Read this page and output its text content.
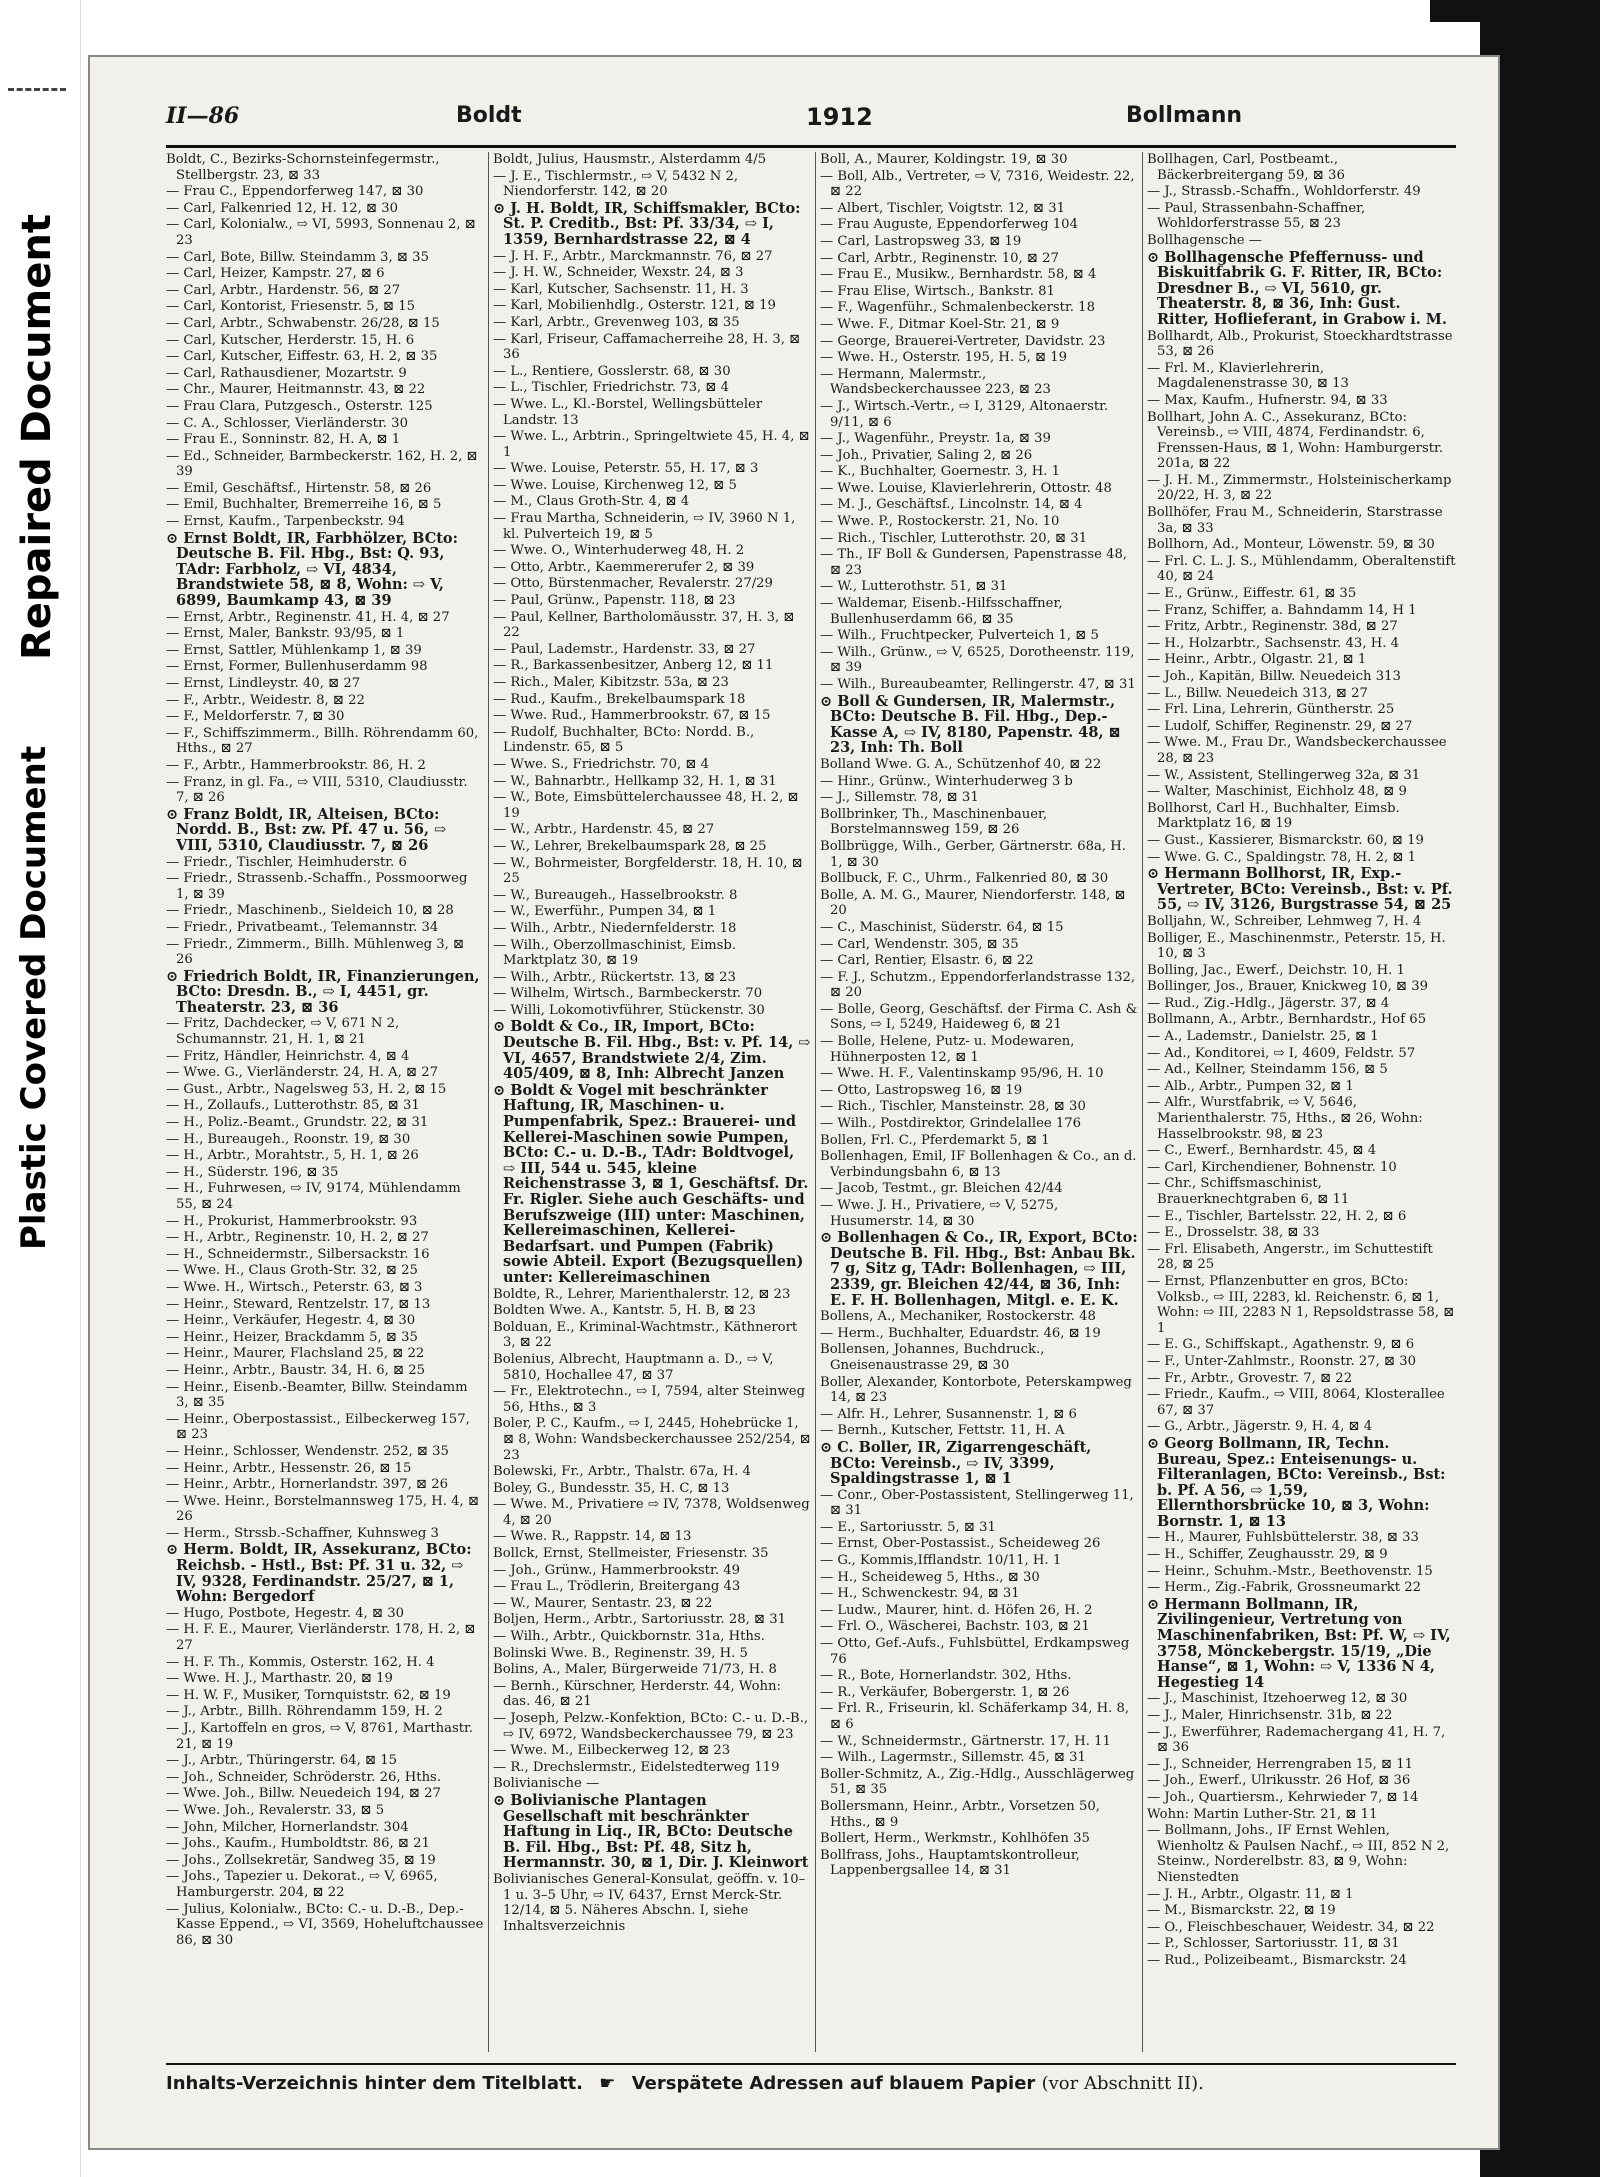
Repaired Document
Plastic Covered Document
II—86	Boldt	1912	Bollmann
Boldt, C., Bezirks-Schornsteinfegermstr., Stellbergstr. 23, ⊠ 33
— Frau C., Eppendorferweg 147, ⊠ 30
— Carl, Falkenried 12, H. 12, ⊠ 30
— Carl, Kolonialw., ⇨ VI, 5993, Sonnenau 2, ⊠ 23
— Carl, Bote, Billw. Steindamm 3, ⊠ 35
— Carl, Heizer, Kampstr. 27, ⊠ 6
— Carl, Arbtr., Hardenstr. 56, ⊠ 27
— Carl, Kontorist, Friesenstr. 5, ⊠ 15
— Carl, Arbtr., Schwabenstr. 26/28, ⊠ 15
— Carl, Kutscher, Herderstr. 15, H. 6
— Carl, Kutscher, Eiffestr. 63, H. 2, ⊠ 35
— Carl, Rathausdiener, Mozartstr. 9
— Chr., Maurer, Heitmannstr. 43, ⊠ 22
— Frau Clara, Putzgesch., Osterstr. 125
— C. A., Schlosser, Vierländerstr. 30
— Frau E., Sonninstr. 82, H. A, ⊠ 1
— Ed., Schneider, Barmbeckerstr. 162, H. 2, ⊠ 39
— Emil, Geschäftsf., Hirtenstr. 58, ⊠ 26
— Emil, Buchhalter, Bremerreihe 16, ⊠ 5
— Ernst, Kaufm., Tarpenbeckstr. 94
⊙ Ernst Boldt, IR, Farbhölzer, BCto: Deutsche B. Fil. Hbg., Bst: Q. 93, TAdr: Farbholz, ⇨ VI, 4834, Brandstwiete 58, ⊠ 8, Wohn: ⇨ V, 6899, Baumkamp 43, ⊠ 39
— Ernst, Arbtr., Reginenstr. 41, H. 4, ⊠ 27
— Ernst, Maler, Bankstr. 93/95, ⊠ 1
— Ernst, Sattler, Mühlenkamp 1, ⊠ 39
— Ernst, Former, Bullenhuserdamm 98
— Ernst, Lindleystr. 40, ⊠ 27
— F., Arbtr., Weidestr. 8, ⊠ 22
— F., Meldorferstr. 7, ⊠ 30
— F., Schiffszimmerm., Billh. Röhrendamm 60, Hths., ⊠ 27
— F., Arbtr., Hammerbrookstr. 86, H. 2
— Franz, in gl. Fa., ⇨ VIII, 5310, Claudiusstr. 7, ⊠ 26
⊙ Franz Boldt, IR, Alteisen, BCto: Nordd. B., Bst: zw. Pf. 47 u. 56, ⇨ VIII, 5310, Claudiusstr. 7, ⊠ 26
— Friedr., Tischler, Heimhuderstr. 6
— Friedr., Strassenb.-Schaffn., Possmoorweg 1, ⊠ 39
— Friedr., Maschinenb., Sieldeich 10, ⊠ 28
— Friedr., Privatbeamt., Telemannstr. 34
— Friedr., Zimmerm., Billh. Mühlenweg 3, ⊠ 26
⊙ Friedrich Boldt, IR, Finanzierungen, BCto: Dresdn. B., ⇨ I, 4451, gr. Theaterstr. 23, ⊠ 36
— Fritz, Dachdecker, ⇨ V, 671 N 2, Schumannstr. 21, H. 1, ⊠ 21
— Fritz, Händler, Heinrichstr. 4, ⊠ 4
— Wwe. G., Vierländerstr. 24, H. A, ⊠ 27
— Gust., Arbtr., Nagelsweg 53, H. 2, ⊠ 15
— H., Zollaufs., Lutterothstr. 85, ⊠ 31
— H., Poliz.-Beamt., Grundstr. 22, ⊠ 31
— H., Bureaugeh., Roonstr. 19, ⊠ 30
— H., Arbtr., Morahtstr., 5, H. 1, ⊠ 26
— H., Süderstr. 196, ⊠ 35
— H., Fuhrwesen, ⇨ IV, 9174, Mühlendamm 55, ⊠ 24
— H., Prokurist, Hammerbrookstr. 93
— H., Arbtr., Reginenstr. 10, H. 2, ⊠ 27
— H., Schneidermstr., Silbersackstr. 16
— Wwe. H., Claus Groth-Str. 32, ⊠ 25
— Wwe. H., Wirtsch., Peterstr. 63, ⊠ 3
— Heinr., Steward, Rentzelstr. 17, ⊠ 13
— Heinr., Verkäufer, Hegestr. 4, ⊠ 30
— Heinr., Heizer, Brackdamm 5, ⊠ 35
— Heinr., Maurer, Flachsland 25, ⊠ 22
— Heinr., Arbtr., Baustr. 34, H. 6, ⊠ 25
— Heinr., Eisenb.-Beamter, Billw. Steindamm 3, ⊠ 35
— Heinr., Oberpostassist., Eilbeckerweg 157, ⊠ 23
— Heinr., Schlosser, Wendenstr. 252, ⊠ 35
— Heinr., Arbtr., Hessenstr. 26, ⊠ 15
— Heinr., Arbtr., Hornerlandstr. 397, ⊠ 26
— Wwe. Heinr., Borstelmannsweg 175, H. 4, ⊠ 26
— Herm., Strssb.-Schaffner, Kuhnsweg 3
⊙ Herm. Boldt, IR, Assekuranz, BCto: Reichsb. - Hstl., Bst: Pf. 31 u. 32, ⇨ IV, 9328, Ferdinandstr. 25/27, ⊠ 1, Wohn: Bergedorf
— Hugo, Postbote, Hegestr. 4, ⊠ 30
— H. F. E., Maurer, Vierländerstr. 178, H. 2, ⊠ 27
— H. F. Th., Kommis, Osterstr. 162, H. 4
— Wwe. H. J., Marthastr. 20, ⊠ 19
— H. W. F., Musiker, Tornquiststr. 62, ⊠ 19
— J., Arbtr., Billh. Röhrendamm 159, H. 2
— J., Kartoffeln en gros, ⇨ V, 8761, Marthastr. 21, ⊠ 19
— J., Arbtr., Thüringerstr. 64, ⊠ 15
— Joh., Schneider, Schröderstr. 26, Hths.
— Wwe. Joh., Billw. Neuedeich 194, ⊠ 27
— Wwe. Joh., Revalerstr. 33, ⊠ 5
— John, Milcher, Hornerlandstr. 304
— Johs., Kaufm., Humboldtstr. 86, ⊠ 21
— Johs., Zollsekretär, Sandweg 35, ⊠ 19
— Johs., Tapezier u. Dekorat., ⇨ V, 6965, Hamburgerstr. 204, ⊠ 22
— Julius, Kolonialw., BCto: C.- u. D.-B., Dep.-Kasse Eppend., ⇨ VI, 3569, Hoheluftchaussee 86, ⊠ 30
Boldt, Julius, Hausmstr., Alsterdamm 4/5
— J. E., Tischlermstr., ⇨ V, 5432 N 2, Niendorferstr. 142, ⊠ 20
⊙ J. H. Boldt, IR, Schiffsmakler, BCto: St. P. Creditb., Bst: Pf. 33/34, ⇨ I, 1359, Bernhardstrasse 22, ⊠ 4
— J. H. F., Arbtr., Marckmannstr. 76, ⊠ 27
— J. H. W., Schneider, Wexstr. 24, ⊠ 3
— Karl, Kutscher, Sachsenstr. 11, H. 3
— Karl, Mobilienhdlg., Osterstr. 121, ⊠ 19
— Karl, Arbtr., Grevenweg 103, ⊠ 35
— Karl, Friseur, Caffamacherreihe 28, H. 3, ⊠ 36
— L., Rentiere, Gosslerstr. 68, ⊠ 30
— L., Tischler, Friedrichstr. 73, ⊠ 4
— Wwe. L., Kl.-Borstel, Wellingsbütteler Landstr. 13
— Wwe. L., Arbtrin., Springeltwiete 45, H. 4, ⊠ 1
— Wwe. Louise, Peterstr. 55, H. 17, ⊠ 3
— Wwe. Louise, Kirchenweg 12, ⊠ 5
— M., Claus Groth-Str. 4, ⊠ 4
— Frau Martha, Schneiderin, ⇨ IV, 3960 N 1, kl. Pulverteich 19, ⊠ 5
— Wwe. O., Winterhuderweg 48, H. 2
— Otto, Arbtr., Kaemmererufer 2, ⊠ 39
— Otto, Bürstenmacher, Revalerstr. 27/29
— Paul, Grünw., Papenstr. 118, ⊠ 23
— Paul, Kellner, Bartholomäusstr. 37, H. 3, ⊠ 22
— Paul, Lademstr., Hardenstr. 33, ⊠ 27
— R., Barkassenbesitzer, Anberg 12, ⊠ 11
— Rich., Maler, Kibitzstr. 53a, ⊠ 23
— Rud., Kaufm., Brekelbaumspark 18
— Wwe. Rud., Hammerbrookstr. 67, ⊠ 15
— Rudolf, Buchhalter, BCto: Nordd. B., Lindenstr. 65, ⊠ 5
— Wwe. S., Friedrichstr. 70, ⊠ 4
— W., Bahnarbtr., Hellkamp 32, H. 1, ⊠ 31
— W., Bote, Eimsbüttelerchaussee 48, H. 2, ⊠ 19
— W., Arbtr., Hardenstr. 45, ⊠ 27
— W., Lehrer, Brekelbaumspark 28, ⊠ 25
— W., Bohrmeister, Borgfelderstr. 18, H. 10, ⊠ 25
— W., Bureaugeh., Hasselbrookstr. 8
— W., Ewerführ., Pumpen 34, ⊠ 1
— Wilh., Arbtr., Niedernfelderstr. 18
— Wilh., Oberzollmaschinist, Eimsb. Marktplatz 30, ⊠ 19
— Wilh., Arbtr., Rückertstr. 13, ⊠ 23
— Wilhelm, Wirtsch., Barmbeckerstr. 70
— Willi, Lokomotivführer, Stückenstr. 30
⊙ Boldt & Co., IR, Import, BCto: Deutsche B. Fil. Hbg., Bst: v. Pf. 14, ⇨ VI, 4657, Brandstwiete 2/4, Zim. 405/409, ⊠ 8, Inh: Albrecht Janzen
⊙ Boldt & Vogel mit beschränkter Haftung, IR, Maschinen- u. Pumpenfabrik, Spez.: Brauerei- und Kellerei-Maschinen sowie Pumpen, BCto: C.- u. D.-B., TAdr: Boldtvogel, ⇨ III, 544 u. 545, kleine Reichenstrasse 3, ⊠ 1, Geschäftsf. Dr. Fr. Rigler. Siehe auch Geschäfts- und Berufszweige (III) unter: Maschinen, Kellereimaschinen, Kellerei-Bedarfsart. und Pumpen (Fabrik) sowie Abteil. Export (Bezugsquellen) unter: Kellereimaschinen
Boldte, R., Lehrer, Marienthalerstr. 12, ⊠ 23
Boldten Wwe. A., Kantstr. 5, H. B, ⊠ 23
Bolduan, E., Kriminal-Wachtmstr., Käthnerort 3, ⊠ 22
Bolenius, Albrecht, Hauptmann a. D., ⇨ V, 5810, Hochallee 47, ⊠ 37
— Fr., Elektrotechn., ⇨ I, 7594, alter Steinweg 56, Hths., ⊠ 3
Boler, P. C., Kaufm., ⇨ I, 2445, Hohebrücke 1, ⊠ 8, Wohn: Wandsbeckerchaussee 252/254, ⊠ 23
Bolewski, Fr., Arbtr., Thalstr. 67a, H. 4
Boley, G., Bundesstr. 35, H. C, ⊠ 13
— Wwe. M., Privatiere ⇨ IV, 7378, Woldsenweg 4, ⊠ 20
— Wwe. R., Rappstr. 14, ⊠ 13
Bollck, Ernst, Stellmeister, Friesenstr. 35
— Joh., Grünw., Hammerbrookstr. 49
— Frau L., Trödlerin, Breitergang 43
— W., Maurer, Sentastr. 23, ⊠ 22
Boljen, Herm., Arbtr., Sartoriusstr. 28, ⊠ 31
— Wilh., Arbtr., Quickbornstr. 31a, Hths.
Bolinski Wwe. B., Reginenstr. 39, H. 5
Bolins, A., Maler, Bürgerweide 71/73, H. 8
— Bernh., Kürschner, Herderstr. 44, Wohn: das. 46, ⊠ 21
— Joseph, Pelzw.-Konfektion, BCto: C.- u. D.-B., ⇨ IV, 6972, Wandsbeckerchaussee 79, ⊠ 23
— Wwe. M., Eilbeckerweg 12, ⊠ 23
— R., Drechslermstr., Eidelstedterweg 119
Bolivianische —
⊙ Bolivianische Plantagen Gesellschaft mit beschränkter Haftung in Liq., IR, BCto: Deutsche B. Fil. Hbg., Bst: Pf. 48, Sitz h, Hermannstr. 30, ⊠ 1, Dir. J. Kleinwort
Bolivianisches General-Konsulat, geöffn. v. 10–1 u. 3–5 Uhr, ⇨ IV, 6437, Ernst Merck-Str. 12/14, ⊠ 5. Näheres Abschn. I, siehe Inhaltsverzeichnis
Boll, A., Maurer, Koldingstr. 19, ⊠ 30
— Boll, Alb., Vertreter, ⇨ V, 7316, Weidestr. 22, ⊠ 22
— Albert, Tischler, Voigtstr. 12, ⊠ 31
— Frau Auguste, Eppendorferweg 104
— Carl, Lastropsweg 33, ⊠ 19
— Carl, Arbtr., Reginenstr. 10, ⊠ 27
— Frau E., Musikw., Bernhardstr. 58, ⊠ 4
— Frau Elise, Wirtsch., Bankstr. 81
— F., Wagenführ., Schmalenbeckerstr. 18
— Wwe. F., Ditmar Koel-Str. 21, ⊠ 9
— George, Brauerei-Vertreter, Davidstr. 23
— Wwe. H., Osterstr. 195, H. 5, ⊠ 19
— Hermann, Malermstr., Wandsbeckerchaussee 223, ⊠ 23
— J., Wirtsch.-Vertr., ⇨ I, 3129, Altonaerstr. 9/11, ⊠ 6
— J., Wagenführ., Preystr. 1a, ⊠ 39
— Joh., Privatier, Saling 2, ⊠ 26
— K., Buchhalter, Goernestr. 3, H. 1
— Wwe. Louise, Klavierlehrerin, Ottostr. 48
— M. J., Geschäftsf., Lincolnstr. 14, ⊠ 4
— Wwe. P., Rostockerstr. 21, No. 10
— Rich., Tischler, Lutterothstr. 20, ⊠ 31
— Th., IF Boll & Gundersen, Papenstrasse 48, ⊠ 23
— W., Lutterothstr. 51, ⊠ 31
— Waldemar, Eisenb.-Hilfsschaffner, Bullenhuserdamm 66, ⊠ 35
— Wilh., Fruchtpecker, Pulverteich 1, ⊠ 5
— Wilh., Grünw., ⇨ V, 6525, Dorotheenstr. 119, ⊠ 39
— Wilh., Bureaubeamter, Rellingerstr. 47, ⊠ 31
⊙ Boll & Gundersen, IR, Malermstr., BCto: Deutsche B. Fil. Hbg., Dep.-Kasse A, ⇨ IV, 8180, Papenstr. 48, ⊠ 23, Inh: Th. Boll
Bolland Wwe. G. A., Schützenhof 40, ⊠ 22
— Hinr., Grünw., Winterhuderweg 3 b
— J., Sillemstr. 78, ⊠ 31
Bollbrinker, Th., Maschinenbauer, Borstelmannsweg 159, ⊠ 26
Bollbrügge, Wilh., Gerber, Gärtnerstr. 68a, H. 1, ⊠ 30
Bollbuck, F. C., Uhrm., Falkenried 80, ⊠ 30
Bolle, A. M. G., Maurer, Niendorferstr. 148, ⊠ 20
— C., Maschinist, Süderstr. 64, ⊠ 15
— Carl, Wendenstr. 305, ⊠ 35
— Carl, Rentier, Elsastr. 6, ⊠ 22
— F. J., Schutzm., Eppendorferlandstrasse 132, ⊠ 20
— Bolle, Georg, Geschäftsf. der Firma C. Ash & Sons, ⇨ I, 5249, Haideweg 6, ⊠ 21
— Bolle, Helene, Putz- u. Modewaren, Hühnerposten 12, ⊠ 1
— Wwe. H. F., Valentinskamp 95/96, H. 10
— Otto, Lastropsweg 16, ⊠ 19
— Rich., Tischler, Mansteinstr. 28, ⊠ 30
— Wilh., Postdirektor, Grindelallee 176
Bollen, Frl. C., Pferdemarkt 5, ⊠ 1
Bollenhagen, Emil, IF Bollenhagen & Co., an d. Verbindungsbahn 6, ⊠ 13
— Jacob, Testmt., gr. Bleichen 42/44
— Wwe. J. H., Privatiere, ⇨ V, 5275, Husumerstr. 14, ⊠ 30
⊙ Bollenhagen & Co., IR, Export, BCto: Deutsche B. Fil. Hbg., Bst: Anbau Bk. 7 g, Sitz g, TAdr: Bollenhagen, ⇨ III, 2339, gr. Bleichen 42/44, ⊠ 36, Inh: E. F. H. Bollenhagen, Mitgl. e. E. K.
Bollens, A., Mechaniker, Rostockerstr. 48
— Herm., Buchhalter, Eduardstr. 46, ⊠ 19
Bollensen, Johannes, Buchdruck., Gneisenaustrasse 29, ⊠ 30
Boller, Alexander, Kontorbote, Peterskampweg 14, ⊠ 23
— Alfr. H., Lehrer, Susannenstr. 1, ⊠ 6
— Bernh., Kutscher, Fettstr. 11, H. A
⊙ C. Boller, IR, Zigarrengeschäft, BCto: Vereinsb., ⇨ IV, 3399, Spaldingstrasse 1, ⊠ 1
— Conr., Ober-Postassistent, Stellingerweg 11, ⊠ 31
— E., Sartoriusstr. 5, ⊠ 31
— Ernst, Ober-Postassist., Scheideweg 26
— G., Kommis,Ifflandstr. 10/11, H. 1
— H., Scheideweg 5, Hths., ⊠ 30
— H., Schwenckestr. 94, ⊠ 31
— Ludw., Maurer, hint. d. Höfen 26, H. 2
— Frl. O., Wäscherei, Bachstr. 103, ⊠ 21
— Otto, Gef.-Aufs., Fuhlsbüttel, Erdkampsweg 76
— R., Bote, Hornerlandstr. 302, Hths.
— R., Verkäufer, Bobergerstr. 1, ⊠ 26
— Frl. R., Friseurin, kl. Schäferkamp 34, H. 8, ⊠ 6
— W., Schneidermstr., Gärtnerstr. 17, H. 11
— Wilh., Lagermstr., Sillemstr. 45, ⊠ 31
Boller-Schmitz, A., Zig.-Hdlg., Ausschlägerweg 51, ⊠ 35
Bollersmann, Heinr., Arbtr., Vorsetzen 50, Hths., ⊠ 9
Bollert, Herm., Werkmstr., Kohlhöfen 35
Bollfrass, Johs., Hauptamtskontrolleur, Lappenbergsallee 14, ⊠ 31
Bollhagen, Carl, Postbeamt., Bäckerbreitergang 59, ⊠ 36
— J., Strassb.-Schaffn., Wohldorferstr. 49
— Paul, Strassenbahn-Schaffner, Wohldorferstrasse 55, ⊠ 23
Bollhagensche —
⊙ Bollhagensche Pfeffernuss- und Biskuitfabrik G. F. Ritter, IR, BCto: Dresdner B., ⇨ VI, 5610, gr. Theaterstr. 8, ⊠ 36, Inh: Gust. Ritter, Hoflieferant, in Grabow i. M.
Bollhardt, Alb., Prokurist, Stoeckhardtstrasse 53, ⊠ 26
— Frl. M., Klavierlehrerin, Magdalenenstrasse 30, ⊠ 13
— Max, Kaufm., Hufnerstr. 94, ⊠ 33
Bollhart, John A. C., Assekuranz, BCto: Vereinsb., ⇨ VIII, 4874, Ferdinandstr. 6, Frenssen-Haus, ⊠ 1, Wohn: Hamburgerstr. 201a, ⊠ 22
— J. H. M., Zimmermstr., Holsteinischerkamp 20/22, H. 3, ⊠ 22
Bollhöfer, Frau M., Schneiderin, Starstrasse 3a, ⊠ 33
Bollhorn, Ad., Monteur, Löwenstr. 59, ⊠ 30
— Frl. C. L. J. S., Mühlendamm, Oberaltenstift 40, ⊠ 24
— E., Grünw., Eiffestr. 61, ⊠ 35
— Franz, Schiffer, a. Bahndamm 14, H 1
— Fritz, Arbtr., Reginenstr. 38d, ⊠ 27
— H., Holzarbtr., Sachsenstr. 43, H. 4
— Heinr., Arbtr., Olgastr. 21, ⊠ 1
— Joh., Kapitän, Billw. Neuedeich 313
— L., Billw. Neuedeich 313, ⊠ 27
— Frl. Lina, Lehrerin, Güntherstr. 25
— Ludolf, Schiffer, Reginenstr. 29, ⊠ 27
— Wwe. M., Frau Dr., Wandsbeckerchaussee 28, ⊠ 23
— W., Assistent, Stellingerweg 32a, ⊠ 31
— Walter, Maschinist, Eichholz 48, ⊠ 9
Bollhorst, Carl H., Buchhalter, Eimsb. Marktplatz 16, ⊠ 19
— Gust., Kassierer, Bismarckstr. 60, ⊠ 19
— Wwe. G. C., Spaldingstr. 78, H. 2, ⊠ 1
⊙ Hermann Bollhorst, IR, Exp.-Vertreter, BCto: Vereinsb., Bst: v. Pf. 55, ⇨ IV, 3126, Burgstrasse 54, ⊠ 25
Bolljahn, W., Schreiber, Lehmweg 7, H. 4
Bolliger, E., Maschinenmstr., Peterstr. 15, H. 10, ⊠ 3
Bolling, Jac., Ewerf., Deichstr. 10, H. 1
Bollinger, Jos., Brauer, Knickweg 10, ⊠ 39
— Rud., Zig.-Hdlg., Jägerstr. 37, ⊠ 4
Bollmann, A., Arbtr., Bernhardstr., Hof 65
— A., Lademstr., Danielstr. 25, ⊠ 1
— Ad., Konditorei, ⇨ I, 4609, Feldstr. 57
— Ad., Kellner, Steindamm 156, ⊠ 5
— Alb., Arbtr., Pumpen 32, ⊠ 1
— Alfr., Wurstfabrik, ⇨ V, 5646, Marienthalerstr. 75, Hths., ⊠ 26, Wohn: Hasselbrookstr. 98, ⊠ 23
— C., Ewerf., Bernhardstr. 45, ⊠ 4
— Carl, Kirchendiener, Bohnenstr. 10
— Chr., Schiffsmaschinist, Brauerknechtgraben 6, ⊠ 11
— E., Tischler, Bartelsstr. 22, H. 2, ⊠ 6
— E., Drosselstr. 38, ⊠ 33
— Frl. Elisabeth, Angerstr., im Schuttestift 28, ⊠ 25
— Ernst, Pflanzenbutter en gros, BCto: Volksb., ⇨ III, 2283, kl. Reichenstr. 6, ⊠ 1, Wohn: ⇨ III, 2283 N 1, Repsoldstrasse 58, ⊠ 1
— E. G., Schiffskapt., Agathenstr. 9, ⊠ 6
— F., Unter-Zahlmstr., Roonstr. 27, ⊠ 30
— Fr., Arbtr., Grovestr. 7, ⊠ 22
— Friedr., Kaufm., ⇨ VIII, 8064, Klosterallee 67, ⊠ 37
— G., Arbtr., Jägerstr. 9, H. 4, ⊠ 4
⊙ Georg Bollmann, IR, Techn. Bureau, Spez.: Enteisenungs- u. Filteranlagen, BCto: Vereinsb., Bst: b. Pf. A 56, ⇨ 1,59, Ellernthorsbrücke 10, ⊠ 3, Wohn: Bornstr. 1, ⊠ 13
— H., Maurer, Fuhlsbüttelerstr. 38, ⊠ 33
— H., Schiffer, Zeughausstr. 29, ⊠ 9
— Heinr., Schuhm.-Mstr., Beethovenstr. 15
— Herm., Zig.-Fabrik, Grossneumarkt 22
⊙ Hermann Bollmann, IR, Zivilingenieur, Vertretung von Maschinenfabriken, Bst: Pf. W, ⇨ IV, 3758, Mönckebergstr. 15/19, „Die Hanse“, ⊠ 1, Wohn: ⇨ V, 1336 N 4, Hegestieg 14
— J., Maschinist, Itzehoerweg 12, ⊠ 30
— J., Maler, Hinrichsenstr. 31b, ⊠ 22
— J., Ewerführer, Rademachergang 41, H. 7, ⊠ 36
— J., Schneider, Herrengraben 15, ⊠ 11
— Joh., Ewerf., Ulrikusstr. 26 Hof, ⊠ 36
— Joh., Quartiersm., Kehrwieder 7, ⊠ 14
Wohn: Martin Luther-Str. 21, ⊠ 11
— Bollmann, Johs., IF Ernst Wehlen, Wienholtz & Paulsen Nachf., ⇨ III, 852 N 2, Steinw., Norderelbstr. 83, ⊠ 9, Wohn: Nienstedten
— J. H., Arbtr., Olgastr. 11, ⊠ 1
— M., Bismarckstr. 22, ⊠ 19
— O., Fleischbeschauer, Weidestr. 34, ⊠ 22
— P., Schlosser, Sartoriusstr. 11, ⊠ 31
— Rud., Polizeibeamt., Bismarckstr. 24
Inhalts-Verzeichnis hinter dem Titelblatt. ☛ Verspätete Adressen auf blauem Papier (vor Abschnitt II).
